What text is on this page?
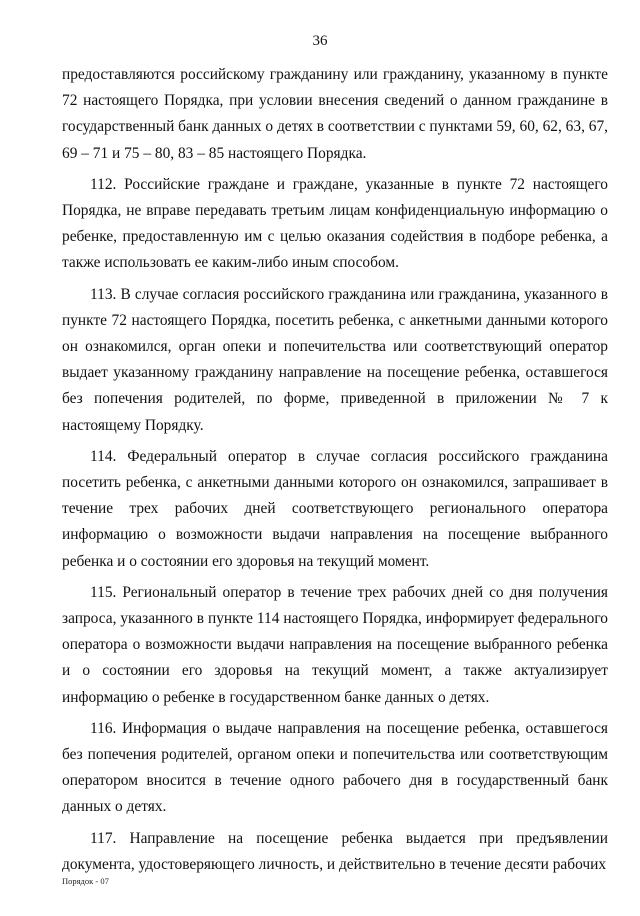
36

предоставляются российскому гражданину или гражданину, указанному в пункте 72 настоящего Порядка, при условии внесения сведений о данном гражданине в государственный банк данных о детях в соответствии с пунктами 59, 60, 62, 63, 67, 69 – 71 и 75 – 80, 83 – 85 настоящего Порядка.

112. Российские граждане и граждане, указанные в пункте 72 настоящего Порядка, не вправе передавать третьим лицам конфиденциальную информацию о ребенке, предоставленную им с целью оказания содействия в подборе ребенка, а также использовать ее каким-либо иным способом.

113. В случае согласия российского гражданина или гражданина, указанного в пункте 72 настоящего Порядка, посетить ребенка, с анкетными данными которого он ознакомился, орган опеки и попечительства или соответствующий оператор выдает указанному гражданину направление на посещение ребенка, оставшегося без попечения родителей, по форме, приведенной в приложении № 7 к настоящему Порядку.

114. Федеральный оператор в случае согласия российского гражданина посетить ребенка, с анкетными данными которого он ознакомился, запрашивает в течение трех рабочих дней соответствующего регионального оператора информацию о возможности выдачи направления на посещение выбранного ребенка и о состоянии его здоровья на текущий момент.

115. Региональный оператор в течение трех рабочих дней со дня получения запроса, указанного в пункте 114 настоящего Порядка, информирует федерального оператора о возможности выдачи направления на посещение выбранного ребенка и о состоянии его здоровья на текущий момент, а также актуализирует информацию о ребенке в государственном банке данных о детях.

116. Информация о выдаче направления на посещение ребенка, оставшегося без попечения родителей, органом опеки и попечительства или соответствующим оператором вносится в течение одного рабочего дня в государственный банк данных о детях.

117. Направление на посещение ребенка выдается при предъявлении документа, удостоверяющего личность, и действительно в течение десяти рабочих

Порядок - 07
